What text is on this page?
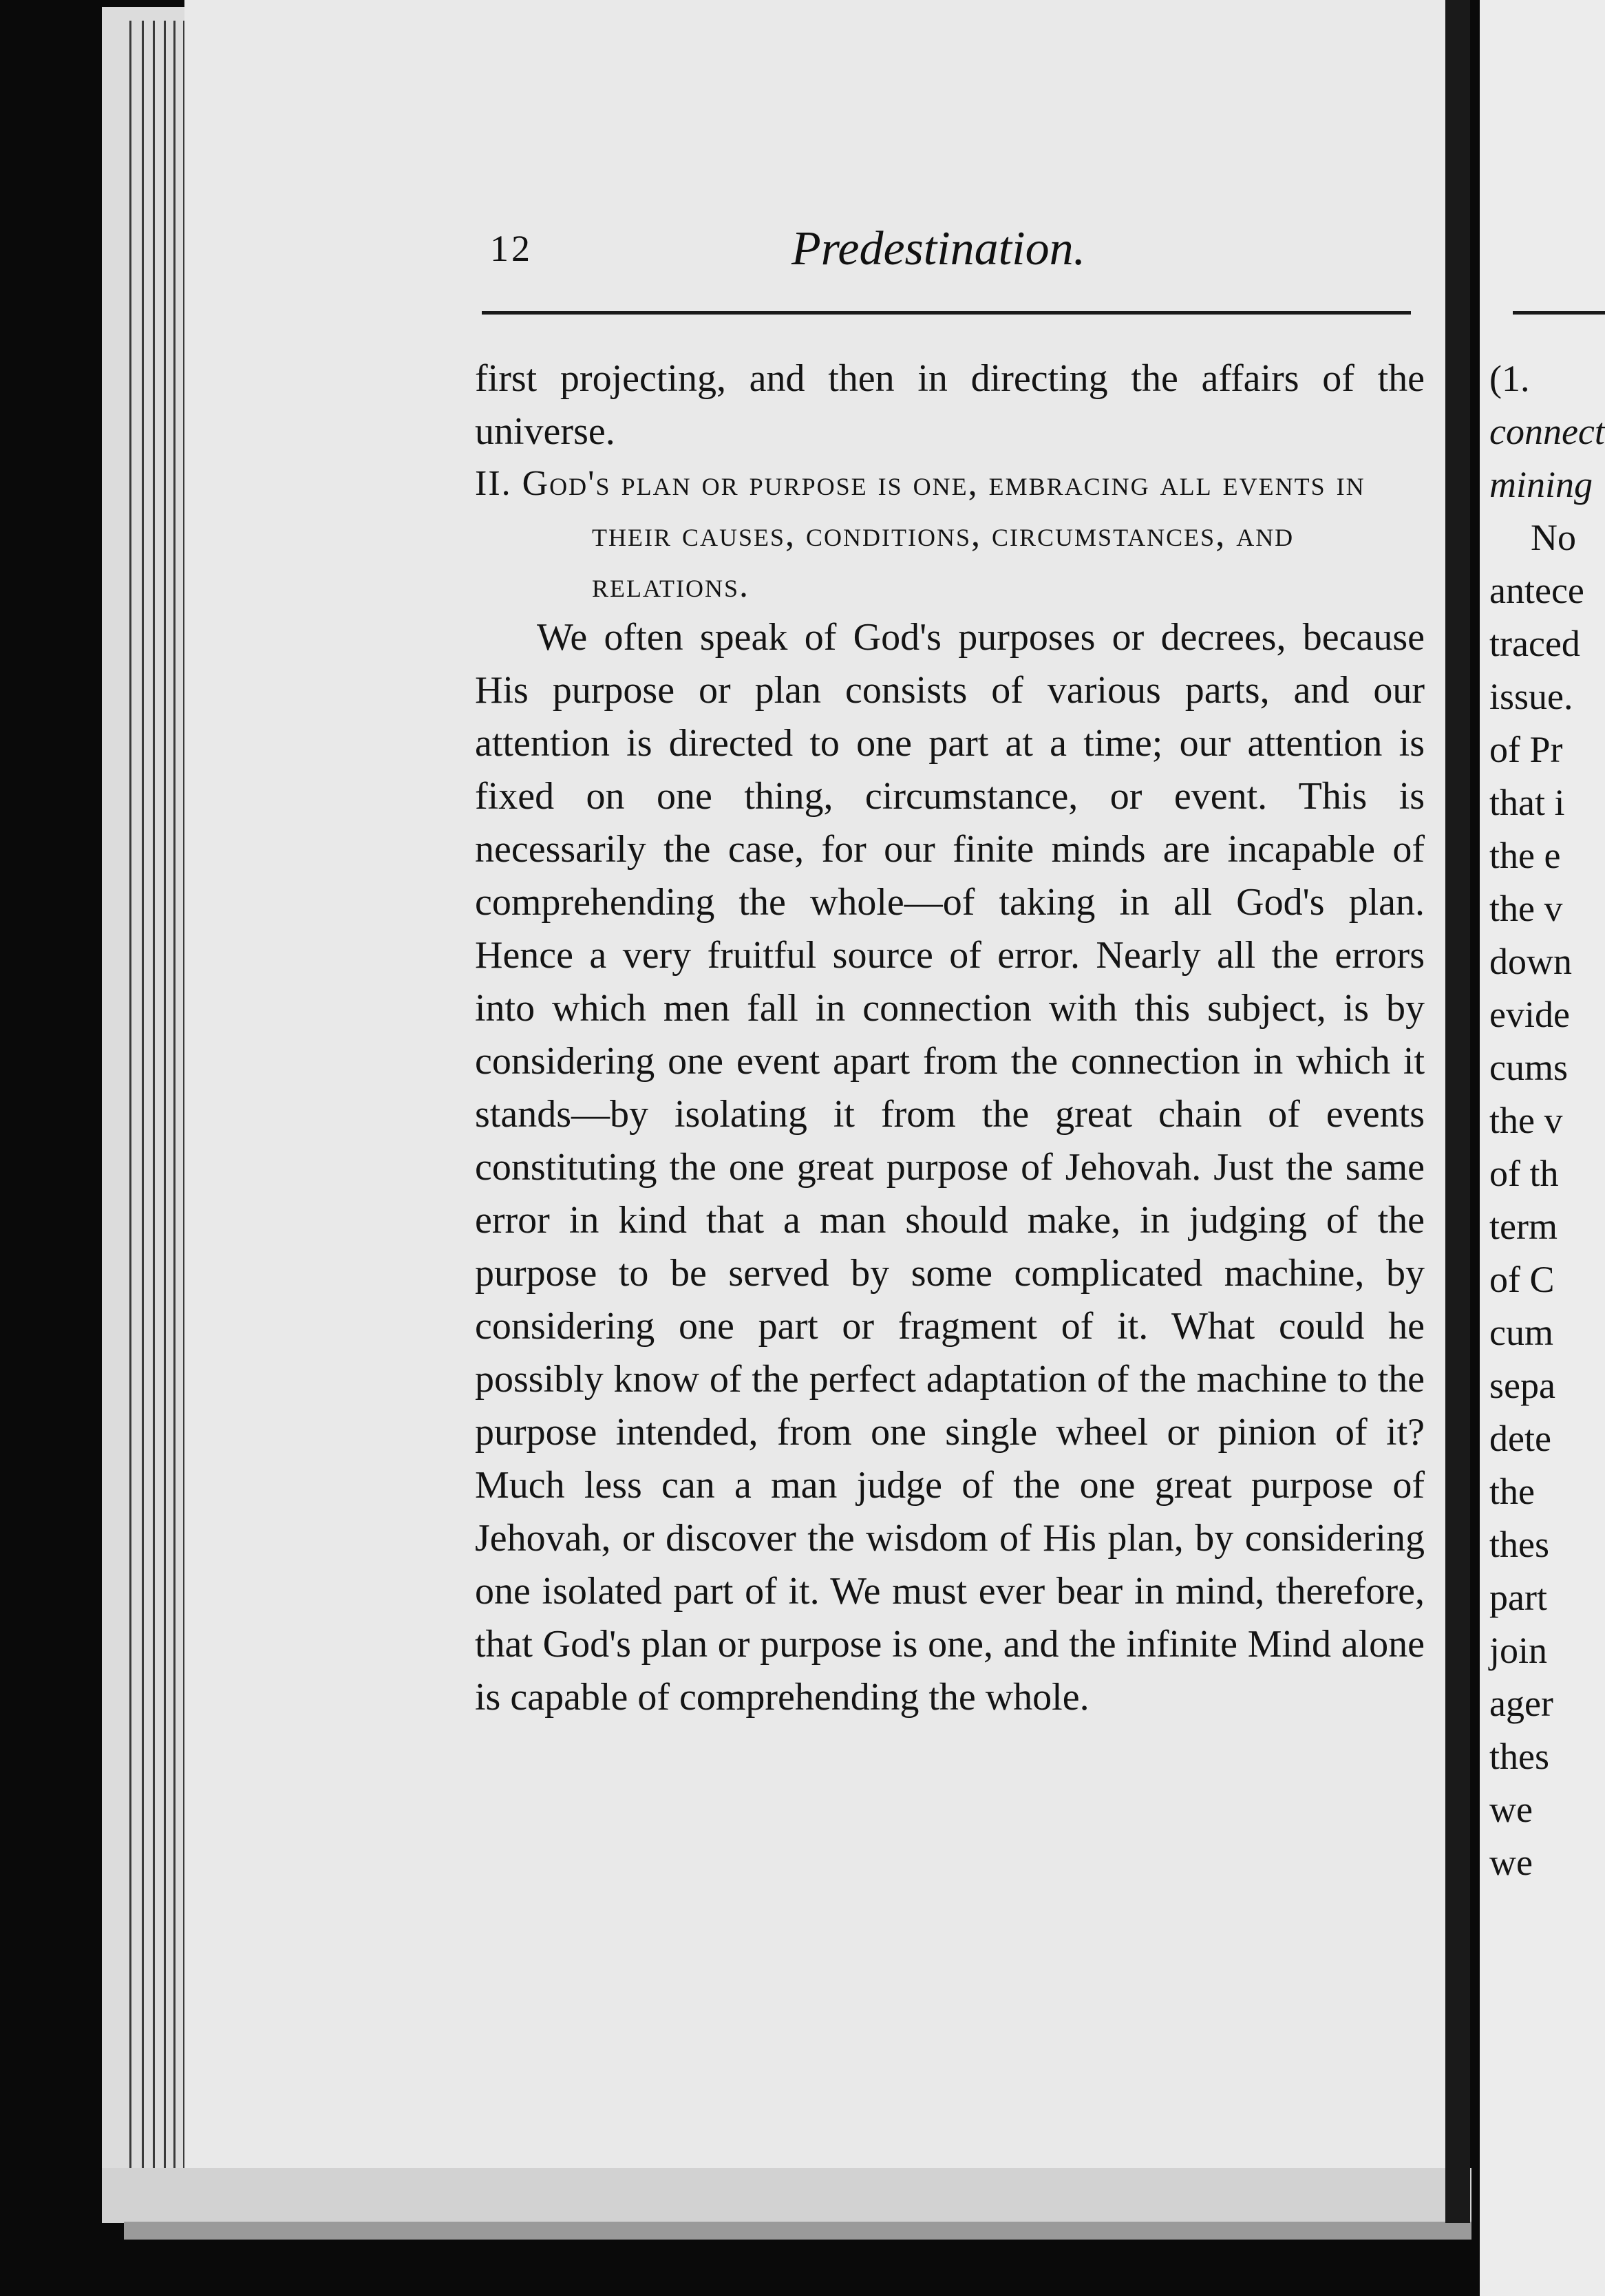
12	Predestination.

first projecting, and then in directing the affairs of the universe.

II. God's plan or purpose is one, embracing all events in their causes, conditions, circumstances, and relations.

We often speak of God's purposes or decrees, because His purpose or plan consists of various parts, and our attention is directed to one part at a time; our attention is fixed on one thing, circumstance, or event. This is necessarily the case, for our finite minds are incapable of comprehending the whole—of taking in all God's plan. Hence a very fruitful source of error. Nearly all the errors into which men fall in connection with this subject, is by considering one event apart from the connection in which it stands—by isolating it from the great chain of events constituting the one great purpose of Jehovah. Just the same error in kind that a man should make, in judging of the purpose to be served by some complicated machine, by considering one part or fragment of it. What could he possibly know of the perfect adaptation of the machine to the purpose intended, from one single wheel or pinion of it? Much less can a man judge of the one great purpose of Jehovah, or discover the wisdom of His plan, by considering one isolated part of it. We must ever bear in mind, therefore, that God's plan or purpose is one, and the infinite Mind alone is capable of comprehending the whole.

(1.
connect
mining
No
antece
traced
issue.
of Pr
that i
the e
the v
down
evide
cums
the v
of th
term
of C
cum
sepa
dete
the
thes
part
join
ager
thes
we
we
